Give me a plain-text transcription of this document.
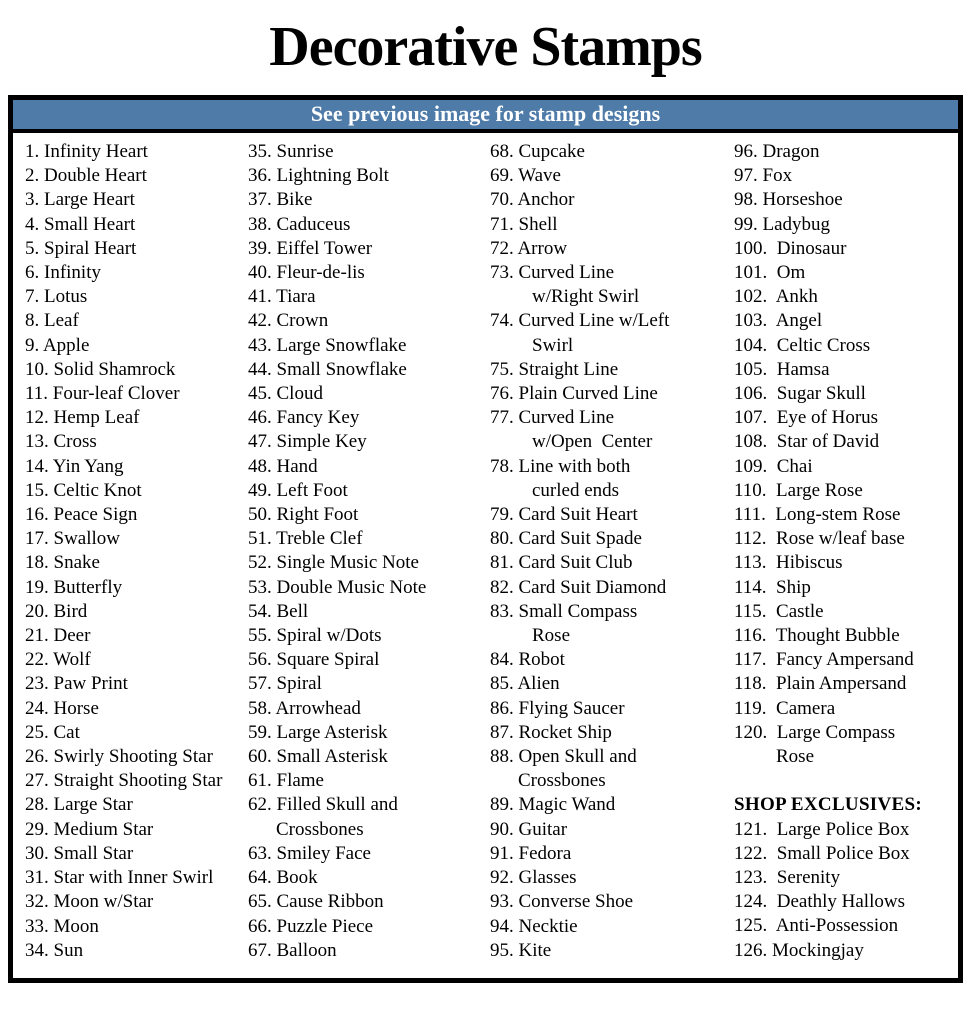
Decorative Stamps
See previous image for stamp designs
1. Infinity Heart
2. Double Heart
3. Large Heart
4. Small Heart
5. Spiral Heart
6. Infinity
7. Lotus
8. Leaf
9. Apple
10. Solid Shamrock
11. Four-leaf Clover
12. Hemp Leaf
13. Cross
14. Yin Yang
15. Celtic Knot
16. Peace Sign
17. Swallow
18. Snake
19. Butterfly
20. Bird
21. Deer
22. Wolf
23. Paw Print
24. Horse
25. Cat
26. Swirly Shooting Star
27. Straight Shooting Star
28. Large Star
29. Medium Star
30. Small Star
31. Star with Inner Swirl
32. Moon w/Star
33. Moon
34. Sun
35. Sunrise
36. Lightning Bolt
37. Bike
38. Caduceus
39. Eiffel Tower
40. Fleur-de-lis
41. Tiara
42. Crown
43. Large Snowflake
44. Small Snowflake
45. Cloud
46. Fancy Key
47. Simple Key
48. Hand
49. Left Foot
50. Right Foot
51. Treble Clef
52. Single Music Note
53. Double Music Note
54. Bell
55. Spiral w/Dots
56. Square Spiral
57. Spiral
58. Arrowhead
59. Large Asterisk
60. Small Asterisk
61. Flame
62. Filled Skull and
Crossbones
63. Smiley Face
64. Book
65. Cause Ribbon
66. Puzzle Piece
67. Balloon
68. Cupcake
69. Wave
70. Anchor
71. Shell
72. Arrow
73. Curved Line
w/Right Swirl
74. Curved Line w/Left
Swirl
75. Straight Line
76. Plain Curved Line
77. Curved Line
w/Open  Center
78. Line with both
curled ends
79. Card Suit Heart
80. Card Suit Spade
81. Card Suit Club
82. Card Suit Diamond
83. Small Compass
Rose
84. Robot
85. Alien
86. Flying Saucer
87. Rocket Ship
88. Open Skull and
Crossbones
89. Magic Wand
90. Guitar
91. Fedora
92. Glasses
93. Converse Shoe
94. Necktie
95. Kite
96. Dragon
97. Fox
98. Horseshoe
99. Ladybug
100.  Dinosaur
101.  Om
102.  Ankh
103.  Angel
104.  Celtic Cross
105.  Hamsa
106.  Sugar Skull
107.  Eye of Horus
108.  Star of David
109.  Chai
110.  Large Rose
111.  Long-stem Rose
112.  Rose w/leaf base
113.  Hibiscus
114.  Ship
115.  Castle
116.  Thought Bubble
117.  Fancy Ampersand
118.  Plain Ampersand
119.  Camera
120.  Large Compass
Rose
SHOP EXCLUSIVES:
121.  Large Police Box
122.  Small Police Box
123.  Serenity
124.  Deathly Hallows
125.  Anti-Possession
126. Mockingjay
